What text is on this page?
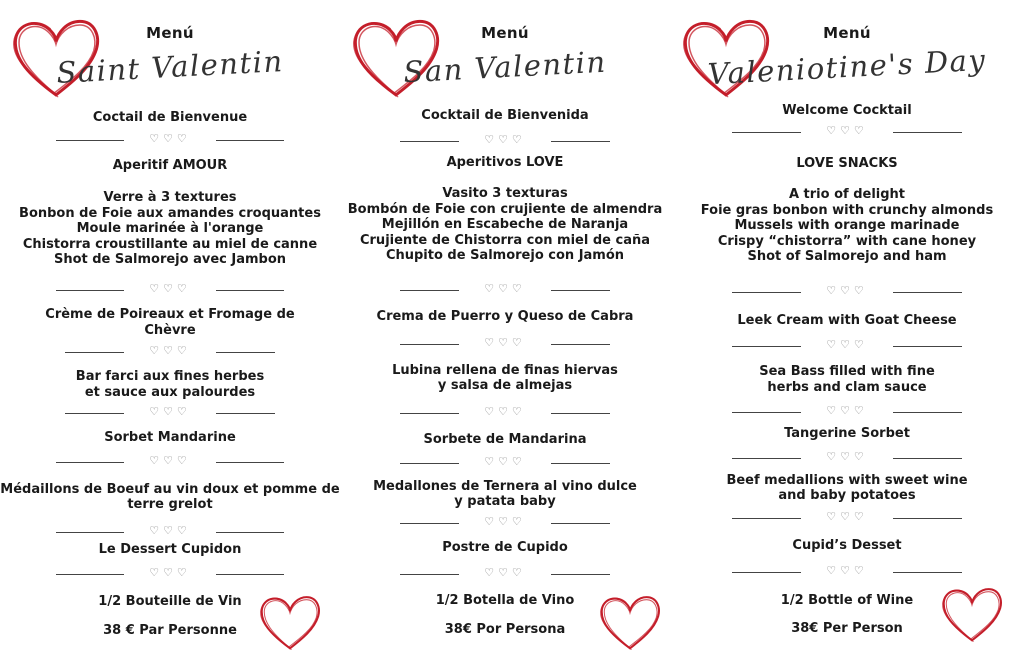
Menú
Saint Valentin
Coctail de Bienvenue
♡♡♡
Aperitif AMOUR
Verre à 3 textures
Bonbon de Foie aux amandes croquantes
Moule marinée à l'orange
Chistorra croustillante au miel de canne
Shot de Salmorejo avec Jambon
♡♡♡
Crème de Poireaux et Fromage de
Chèvre
♡♡♡
Bar farci aux fines herbes
et sauce aux palourdes
♡♡♡
Sorbet Mandarine
♡♡♡
Médaillons de Boeuf au vin doux et pomme de
terre grelot
♡♡♡
Le Dessert Cupidon
♡♡♡
1/2 Bouteille de Vin
38 € Par Personne
Menú
San Valentin
Cocktail de Bienvenida
♡♡♡
Aperitivos LOVE
Vasito 3 texturas
Bombón de Foie con crujiente de almendra
Mejillón en Escabeche de Naranja
Crujiente de Chistorra con miel de caña
Chupito de Salmorejo con Jamón
♡♡♡
Crema de Puerro y Queso de Cabra
♡♡♡
Lubina rellena de finas hiervas
y salsa de almejas
♡♡♡
Sorbete de Mandarina
♡♡♡
Medallones de Ternera al vino dulce
y patata baby
♡♡♡
Postre de Cupido
♡♡♡
1/2 Botella de Vino
38€ Por Persona
Menú
Valeniotine's Day
Welcome Cocktail
♡♡♡
LOVE SNACKS
A trio of delight
Foie gras bonbon with crunchy almonds
Mussels with orange marinade
Crispy “chistorra” with cane honey
Shot of Salmorejo and ham
♡♡♡
Leek Cream with Goat Cheese
♡♡♡
Sea Bass filled with fine
herbs and clam sauce
♡♡♡
Tangerine Sorbet
♡♡♡
Beef medallions with sweet wine
and baby potatoes
♡♡♡
Cupid’s Desset
♡♡♡
1/2 Bottle of Wine
38€ Per Person
